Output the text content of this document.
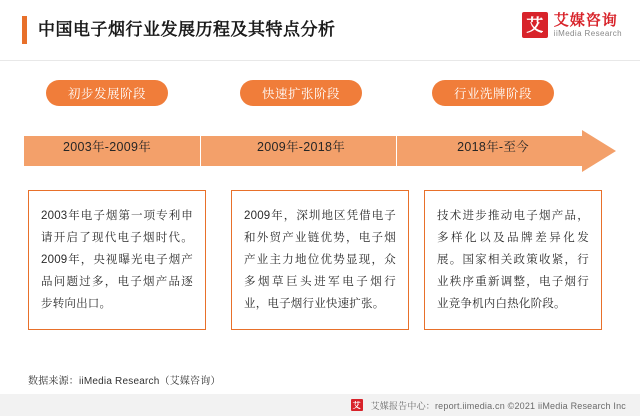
中国电子烟行业发展历程及其特点分析	艾 艾媒咨询
iiMedia Research
初步发展阶段	快速扩张阶段	行业洗牌阶段
2003年-2009年	2009年-2018年	2018年-至今

2003年电子烟第一项专利申请开启了现代电子烟时代。2009年，央视曝光电子烟产品问题过多，电子烟产品逐步转向出口。

2009年，深圳地区凭借电子和外贸产业链优势，电子烟产业主力地位优势显现，众多烟草巨头进军电子烟行业，电子烟行业快速扩张。

技术进步推动电子烟产品，多样化以及品牌差异化发展。国家相关政策收紧，行业秩序重新调整，电子烟行业竞争机内白热化阶段。

数据来源：iiMedia Research（艾媒咨询）
艾 艾媒报告中心：report.iimedia.cn ©2021 iiMedia Research Inc
